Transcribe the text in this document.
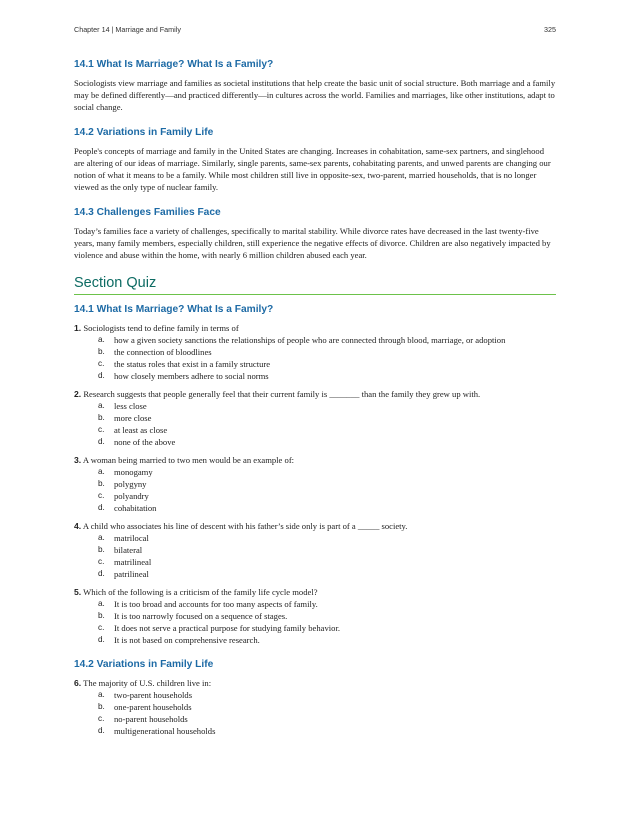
Chapter 14 | Marriage and Family	325
14.1 What Is Marriage? What Is a Family?

Sociologists view marriage and families as societal institutions that help create the basic unit of social structure. Both marriage and a family may be defined differently—and practiced differently—in cultures across the world. Families and marriages, like other institutions, adapt to social change.

14.2 Variations in Family Life

People's concepts of marriage and family in the United States are changing. Increases in cohabitation, same-sex partners, and singlehood are altering of our ideas of marriage. Similarly, single parents, same-sex parents, cohabitating parents, and unwed parents are changing our notion of what it means to be a family. While most children still live in opposite-sex, two-parent, married households, that is no longer viewed as the only type of nuclear family.

14.3 Challenges Families Face

Today’s families face a variety of challenges, specifically to marital stability. While divorce rates have decreased in the last twenty-five years, many family members, especially children, still experience the negative effects of divorce. Children are also negatively impacted by violence and abuse within the home, with nearly 6 million children abused each year.

Section Quiz
14.1 What Is Marriage? What Is a Family?
1. Sociologists tend to define family in terms of
a. how a given society sanctions the relationships of people who are connected through blood, marriage, or adoption
b. the connection of bloodlines
c. the status roles that exist in a family structure
d. how closely members adhere to social norms
2. Research suggests that people generally feel that their current family is _______ than the family they grew up with.
a. less close
b. more close
c. at least as close
d. none of the above
3. A woman being married to two men would be an example of:
a. monogamy
b. polygyny
c. polyandry
d. cohabitation
4. A child who associates his line of descent with his father’s side only is part of a _____ society.
a. matrilocal
b. bilateral
c. matrilineal
d. patrilineal
5. Which of the following is a criticism of the family life cycle model?
a. It is too broad and accounts for too many aspects of family.
b. It is too narrowly focused on a sequence of stages.
c. It does not serve a practical purpose for studying family behavior.
d. It is not based on comprehensive research.
14.2 Variations in Family Life
6. The majority of U.S. children live in:
a. two-parent households
b. one-parent households
c. no-parent households
d. multigenerational households
